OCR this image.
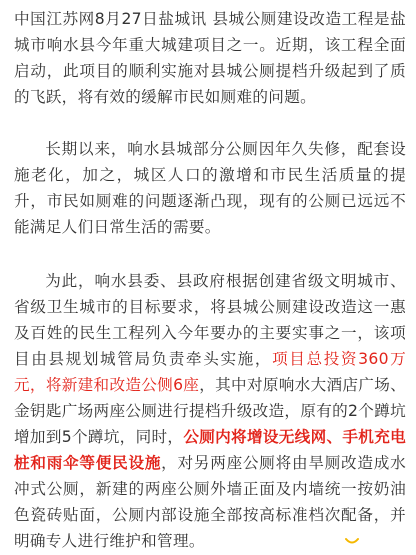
中国江苏网8月27日盐城讯 县城公厕建设改造工程是盐城市响水县今年重大城建项目之一。近期，该工程全面启动，此项目的顺利实施对县城公厕提档升级起到了质的飞跃，将有效的缓解市民如厕难的问题。

长期以来，响水县城部分公厕因年久失修，配套设施老化，加之，城区人口的激增和市民生活质量的提升，市民如厕难的问题逐渐凸现，现有的公厕已远远不能满足人们日常生活的需要。

为此，响水县委、县政府根据创建省级文明城市、省级卫生城市的目标要求，将县城公厕建设改造这一惠及百姓的民生工程列入今年要办的主要实事之一，该项目由县规划城管局负责牵头实施，项目总投资360万元，将新建和改造公侧6座，其中对原响水大酒店广场、金钥匙广场两座公厕进行提档升级改造，原有的2个蹲坑增加到5个蹲坑，同时，公厕内将增设无线网、手机充电桩和雨伞等便民设施，对另两座公厕将由旱厕改造成水冲式公厕，新建的两座公厕外墙正面及内墙统一按奶油色瓷砖贴面，公厕内部设施全部按高标准档次配备，并明确专人进行维护和管理。
